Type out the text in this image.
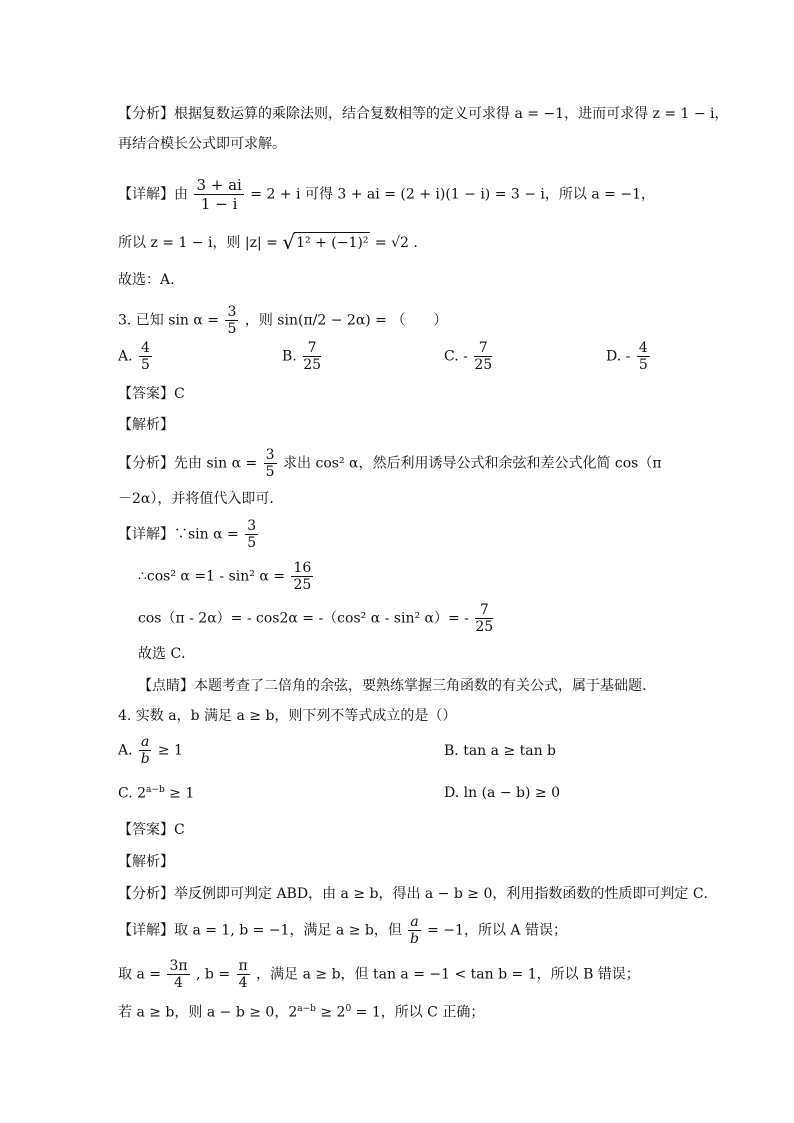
【分析】根据复数运算的乘除法则，结合复数相等的定义可求得 a = −1，进而可求得 z = 1 − i，
再结合模长公式即可求解。
【详解】由 $\frac{3 + ai}{1 - i} = 2 + i$ 可得 3 + ai = (2 + i)(1 − i) = 3 − i，所以 a = −1，
所以 z = 1 − i，则 |z| = √1² + (−1)² = √2 .
故选：A.
3. 已知 $\sin \alpha = \frac{3}{5}$ ，则 sin(π/2 − 2α) = （　　）
A. $\frac{4}{5}$	B. $\frac{7}{25}$	C. - $\frac{7}{25}$	D. - $\frac{4}{5}$
【答案】C
【解析】
【分析】先由 $\sin \alpha = \frac{3}{5}$ 求出 cos² α，然后利用诱导公式和余弦和差公式化简 cos（π
－2α），并将值代入即可．
【详解】∵sin $\alpha = \frac{3}{5}$
∴cos² α =1 - sin² $\alpha = \frac{16}{25}$
cos（π - 2α）= - cos2α = -（cos² α - sin² $\alpha)= - \frac{7}{25}$
故选 C．
【点睛】本题考查了二倍角的余弦，要熟练掌握三角函数的有关公式，属于基础题．
4. 实数 a，b 满足 a ≥ b，则下列不等式成立的是（）
A. $\frac{a}{b} \ge 1$	B. tan a ≥ tan b
C. $2^{a-b} \ge 1$	D. ln (a − b) ≥ 0
【答案】C
【解析】
【分析】举反例即可判定 ABD，由 a ≥ b，得出 a − b ≥ 0，利用指数函数的性质即可判定 C．
【详解】取 a = 1, b = −1，满足 a ≥ b，但 $\frac{a}{b} = -1$，所以 A 错误；
取 $a = \frac{3\pi}{4}$ , $b = \frac{\pi}{4}$ ，满足 a ≥ b，但 tan a = −1 < tan b = 1，所以 B 错误；
若 a ≥ b，则 a − b ≥ 0，$2^{a-b} \ge 2^0 = 1$，所以 C 正确；
